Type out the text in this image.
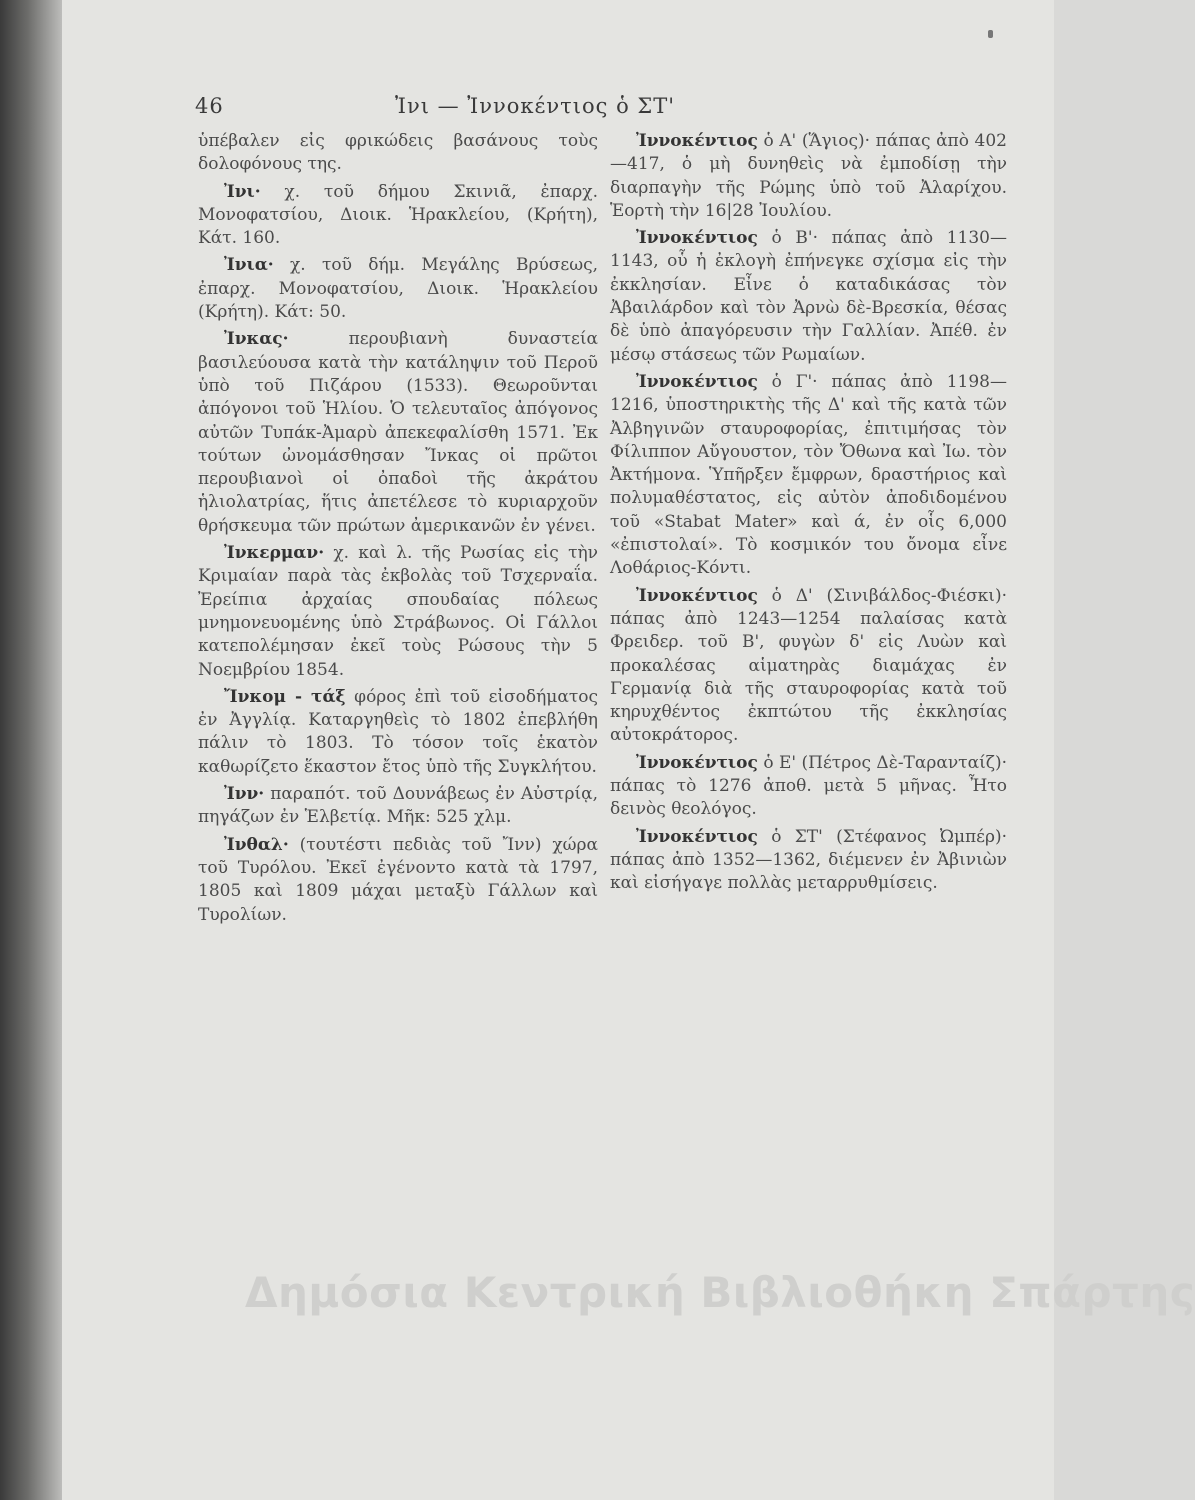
46	Ἰνι — Ἰννοκέντιος ὁ ΣΤ'

ὑπέβαλεν εἰς φρικώδεις βασάνους τοὺς δολοφόνους της.

Ἰνι· χ. τοῦ δήμου Σκινιᾶ, ἐπαρχ. Μονοφατσίου, Διοικ. Ἡρακλείου, (Κρήτη), Κάτ. 160.

Ἰνια· χ. τοῦ δήμ. Μεγάλης Βρύσεως, ἐπαρχ. Μονοφατσίου, Διοικ. Ἡρακλείου (Κρήτη). Κάτ: 50.

Ἰνκας· περουβιανὴ δυναστεία βασιλεύουσα κατὰ τὴν κατάληψιν τοῦ Περοῦ ὑπὸ τοῦ Πιζάρου (1533). Θεωροῦνται ἀπόγονοι τοῦ Ἡλίου. Ὁ τελευταῖος ἀπόγονος αὐτῶν Τυπάκ-Ἀμαρὺ ἀπεκεφαλίσθη 1571. Ἐκ τούτων ὠνομάσθησαν Ἴνκας οἱ πρῶτοι περουβιανοὶ οἱ ὀπαδοὶ τῆς ἀκράτου ἡλιολατρίας, ἥτις ἀπετέλεσε τὸ κυριαρχοῦν θρήσκευμα τῶν πρώτων ἀμερικανῶν ἐν γένει.

Ἰνκερμαν· χ. καὶ λ. τῆς Ρωσίας εἰς τὴν Κριμαίαν παρὰ τὰς ἐκβολὰς τοῦ Τσχερναΐα. Ἐρείπια ἀρχαίας σπουδαίας πόλεως μνημονευομένης ὑπὸ Στράβωνος. Οἱ Γάλλοι κατεπολέμησαν ἐκεῖ τοὺς Ρώσους τὴν 5 Νοεμβρίου 1854.

Ἴνκομ - τάξ φόρος ἐπὶ τοῦ εἰσοδήματος ἐν Ἀγγλίᾳ. Καταργηθεὶς τὸ 1802 ἐπεβλήθη πάλιν τὸ 1803. Τὸ τόσον τοῖς ἑκατὸν καθωρίζετο ἕκαστον ἔτος ὑπὸ τῆς Συγκλήτου.

Ἰνν· παραπότ. τοῦ Δουνάβεως ἐν Αὐστρίᾳ, πηγάζων ἐν Ἑλβετίᾳ. Μῆκ: 525 χλμ.

Ἰνθαλ· (τουτέστι πεδιὰς τοῦ Ἴνν) χώρα τοῦ Τυρόλου. Ἐκεῖ ἐγένοντο κατὰ τὰ 1797, 1805 καὶ 1809 μάχαι μεταξὺ Γάλλων καὶ Τυρολίων.

Ἰννοκέντιος ὁ Α' (Ἅγιος)· πάπας ἀπὸ 402—417, ὁ μὴ δυνηθεὶς νὰ ἐμποδίσῃ τὴν διαρπαγὴν τῆς Ρώμης ὑπὸ τοῦ Ἀλαρίχου. Ἑορτὴ τὴν 16|28 Ἰουλίου.

Ἰννοκέντιος ὁ Β'· πάπας ἀπὸ 1130—1143, οὗ ἡ ἐκλογὴ ἐπήνεγκε σχίσμα εἰς τὴν ἐκκλησίαν. Εἶνε ὁ καταδικάσας τὸν Ἀβαιλάρδον καὶ τὸν Ἀρνὼ δὲ-Βρεσκία, θέσας δὲ ὑπὸ ἀπαγόρευσιν τὴν Γαλλίαν. Ἀπέθ. ἐν μέσῳ στάσεως τῶν Ρωμαίων.

Ἰννοκέντιος ὁ Γ'· πάπας ἀπὸ 1198—1216, ὑποστηρικτὴς τῆς Δ' καὶ τῆς κατὰ τῶν Ἀλβηγινῶν σταυροφορίας, ἐπιτιμήσας τὸν Φίλιππον Αὔγουστον, τὸν Ὄθωνα καὶ Ἰω. τὸν Ἀκτήμονα. Ὑπῆρξεν ἔμφρων, δραστήριος καὶ πολυμαθέστατος, εἰς αὐτὸν ἀποδιδομένου τοῦ «Stabat Mater» καὶ ά, ἐν οἷς 6,000 «ἐπιστολαί». Τὸ κοσμικόν του ὄνομα εἶνε Λοθάριος-Κόντι.

Ἰννοκέντιος ὁ Δ' (Σινιβάλδος-Φιέσκι)· πάπας ἀπὸ 1243—1254 παλαίσας κατὰ Φρειδερ. τοῦ Β', φυγὼν δ' εἰς Λυὼν καὶ προκαλέσας αἱματηρὰς διαμάχας ἐν Γερμανίᾳ διὰ τῆς σταυροφορίας κατὰ τοῦ κηρυχθέντος ἐκπτώτου τῆς ἐκκλησίας αὐτοκράτορος.

Ἰννοκέντιος ὁ Ε' (Πέτρος Δὲ-Ταρανταίζ)· πάπας τὸ 1276 ἀποθ. μετὰ 5 μῆνας. Ἦτο δεινὸς θεολόγος.

Ἰννοκέντιος ὁ ΣΤ' (Στέφανος Ὠμπέρ)· πάπας ἀπὸ 1352—1362, διέμενεν ἐν Ἀβινιὼν καὶ εἰσήγαγε πολλὰς μεταρρυθμίσεις.

Δημόσια Κεντρική Βιβλιοθήκη Σπάρτης
